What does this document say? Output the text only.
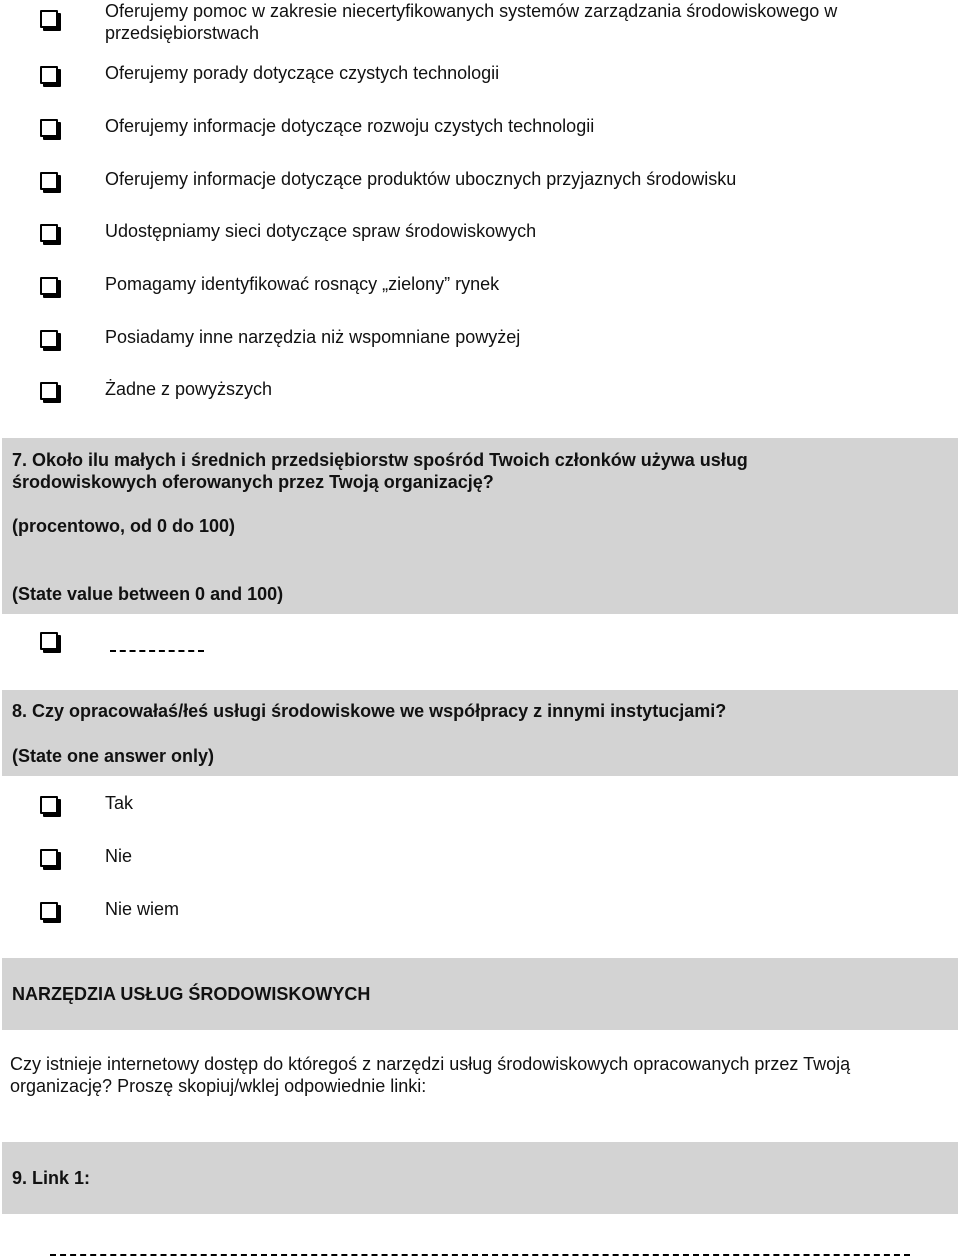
Oferujemy pomoc w zakresie niecertyfikowanych systemów zarządzania środowiskowego w przedsiębiorstwach
Oferujemy porady dotyczące czystych technologii
Oferujemy informacje dotyczące rozwoju czystych technologii
Oferujemy informacje dotyczące produktów ubocznych przyjaznych środowisku
Udostępniamy sieci dotyczące spraw środowiskowych
Pomagamy identyfikować rosnący „zielony” rynek
Posiadamy inne narzędzia niż wspomniane powyżej
Żadne z powyższych
7. Około ilu małych i średnich przedsiębiorstw spośród Twoich członków używa usług
środowiskowych oferowanych przez Twoją organizację?
(procentowo, od 0 do 100)
(State value between 0 and 100)
8. Czy opracowałaś/łeś usługi środowiskowe we współpracy z innymi instytucjami?
(State one answer only)
Tak
Nie
Nie wiem
NARZĘDZIA USŁUG ŚRODOWISKOWYCH
Czy istnieje internetowy dostęp do któregoś z narzędzi usług środowiskowych opracowanych przez Twoją
organizację? Proszę skopiuj/wklej odpowiednie linki:
9. Link 1:
